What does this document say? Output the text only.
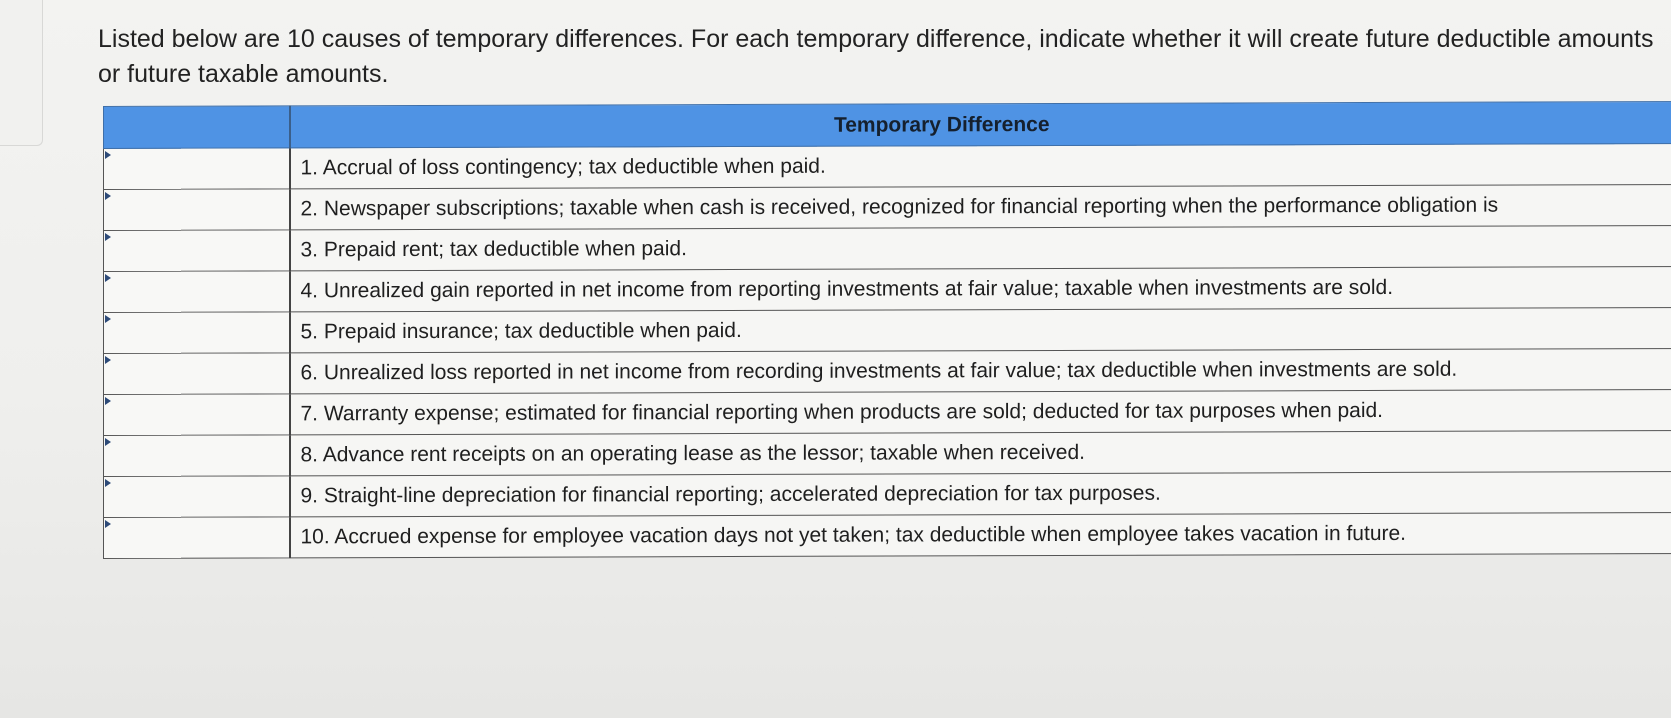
Listed below are 10 causes of temporary differences. For each temporary difference, indicate whether it will create future deductible amounts or future taxable amounts.

	Temporary Difference

	1. Accrual of loss contingency; tax deductible when paid.

	2. Newspaper subscriptions; taxable when cash is received, recognized for financial reporting when the performance obligation is

	3. Prepaid rent; tax deductible when paid.

	4. Unrealized gain reported in net income from reporting investments at fair value; taxable when investments are sold.

	5. Prepaid insurance; tax deductible when paid.

	6. Unrealized loss reported in net income from recording investments at fair value; tax deductible when investments are sold.

	7. Warranty expense; estimated for financial reporting when products are sold; deducted for tax purposes when paid.

	8. Advance rent receipts on an operating lease as the lessor; taxable when received.

	9. Straight-line depreciation for financial reporting; accelerated depreciation for tax purposes.

	10. Accrued expense for employee vacation days not yet taken; tax deductible when employee takes vacation in future.
